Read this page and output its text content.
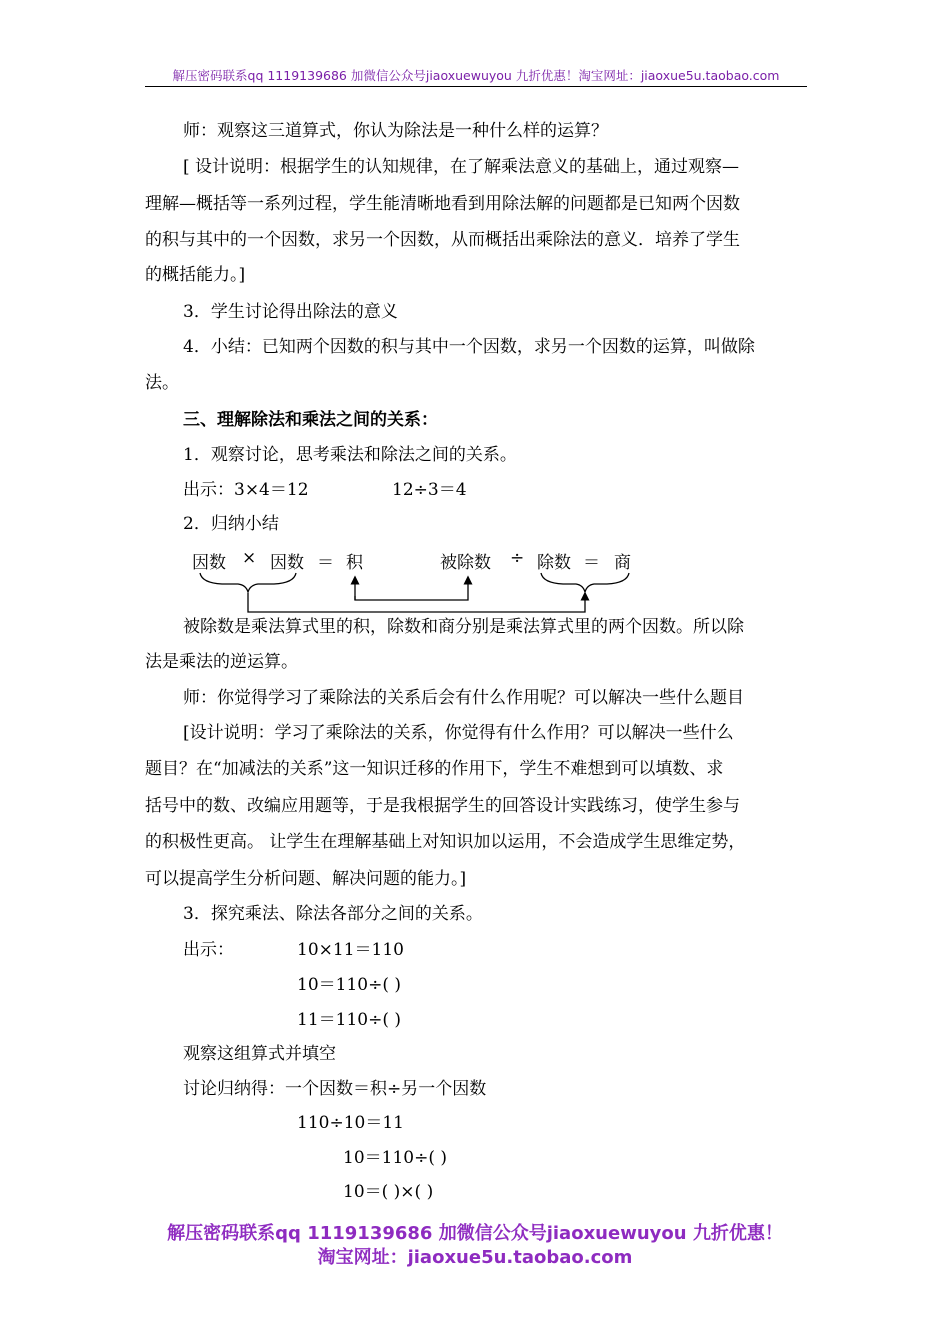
解压密码联系qq 1119139686 加微信公众号jiaoxuewuyou 九折优惠！淘宝网址：jiaoxue5u.taobao.com
师：观察这三道算式，你认为除法是一种什么样的运算？
[ 设计说明：根据学生的认知规律，在了解乘法意义的基础上，通过观察—
理解—概括等一系列过程，学生能清晰地看到用除法解的问题都是已知两个因数
的积与其中的一个因数，求另一个因数，从而概括出乘除法的意义．培养了学生
的概括能力。]
3．学生讨论得出除法的意义
4．小结：已知两个因数的积与其中一个因数，求另一个因数的运算，叫做除
法。
三、理解除法和乘法之间的关系：
1．观察讨论，思考乘法和除法之间的关系。
出示：3×4＝12	12÷3＝4
2．归纳小结
因数 × 因数 ＝ 积	被除数 ÷ 除数 ＝ 商
被除数是乘法算式里的积，除数和商分别是乘法算式里的两个因数。所以除
法是乘法的逆运算。
师：你觉得学习了乘除法的关系后会有什么作用呢？可以解决一些什么题目
[设计说明：学习了乘除法的关系，你觉得有什么作用？可以解决一些什么
题目？在“加减法的关系”这一知识迁移的作用下，学生不难想到可以填数、求
括号中的数、改编应用题等，于是我根据学生的回答设计实践练习，使学生参与
的积极性更高。 让学生在理解基础上对知识加以运用，不会造成学生思维定势，
可以提高学生分析问题、解决问题的能力。]
3．探究乘法、除法各部分之间的关系。
出示：	10×11＝110
10＝110÷( )
11＝110÷( )
观察这组算式并填空
讨论归纳得：一个因数＝积÷另一个因数
110÷10＝11
10＝110÷( )
10＝( )×( )
解压密码联系qq 1119139686 加微信公众号jiaoxuewuyou 九折优惠！
淘宝网址：jiaoxue5u.taobao.com
